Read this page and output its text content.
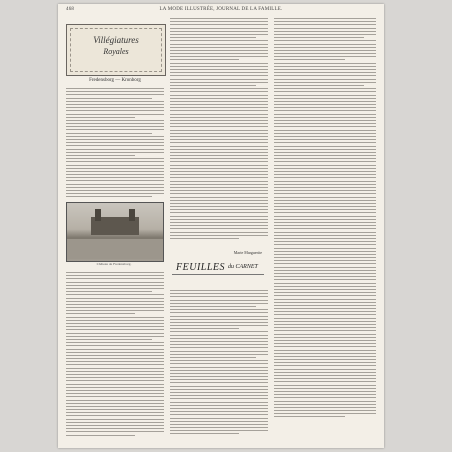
468	LA MODE ILLUSTRÉE, JOURNAL DE LA FAMILLE.
Villégiatures
Royales
Fredensborg — Kronborg
Château de Fredensborg.
Marie Marguerite
FEUILLES du CARNET
